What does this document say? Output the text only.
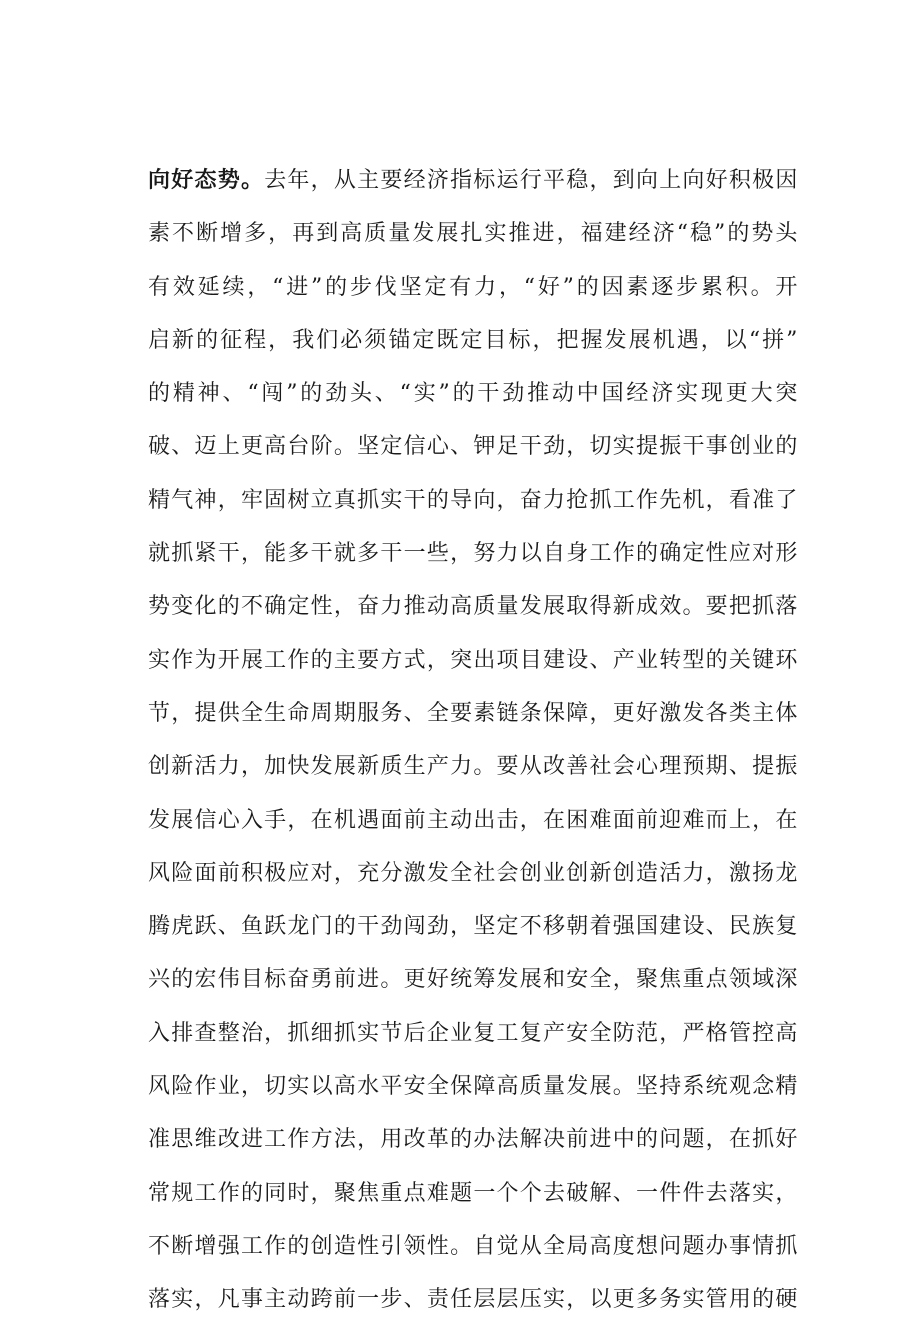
向好态势。去年，从主要经济指标运行平稳，到向上向好积极因
素不断增多，再到高质量发展扎实推进，福建经济“稳”的势头
有效延续，“进”的步伐坚定有力，“好”的因素逐步累积。开
启新的征程，我们必须锚定既定目标，把握发展机遇，以“拼”
的精神、“闯”的劲头、“实”的干劲推动中国经济实现更大突
破、迈上更高台阶。坚定信心、钾足干劲，切实提振干事创业的
精气神，牢固树立真抓实干的导向，奋力抢抓工作先机，看准了
就抓紧干，能多干就多干一些，努力以自身工作的确定性应对形
势变化的不确定性，奋力推动高质量发展取得新成效。要把抓落
实作为开展工作的主要方式，突出项目建设、产业转型的关键环
节，提供全生命周期服务、全要素链条保障，更好激发各类主体
创新活力，加快发展新质生产力。要从改善社会心理预期、提振
发展信心入手，在机遇面前主动出击，在困难面前迎难而上，在
风险面前积极应对，充分激发全社会创业创新创造活力，激扬龙
腾虎跃、鱼跃龙门的干劲闯劲，坚定不移朝着强国建设、民族复
兴的宏伟目标奋勇前进。更好统筹发展和安全，聚焦重点领域深
入排查整治，抓细抓实节后企业复工复产安全防范，严格管控高
风险作业，切实以高水平安全保障高质量发展。坚持系统观念精
准思维改进工作方法，用改革的办法解决前进中的问题，在抓好
常规工作的同时，聚焦重点难题一个个去破解、一件件去落实，
不断增强工作的创造性引领性。自觉从全局高度想问题办事情抓
落实，凡事主动跨前一步、责任层层压实，以更多务实管用的硬
